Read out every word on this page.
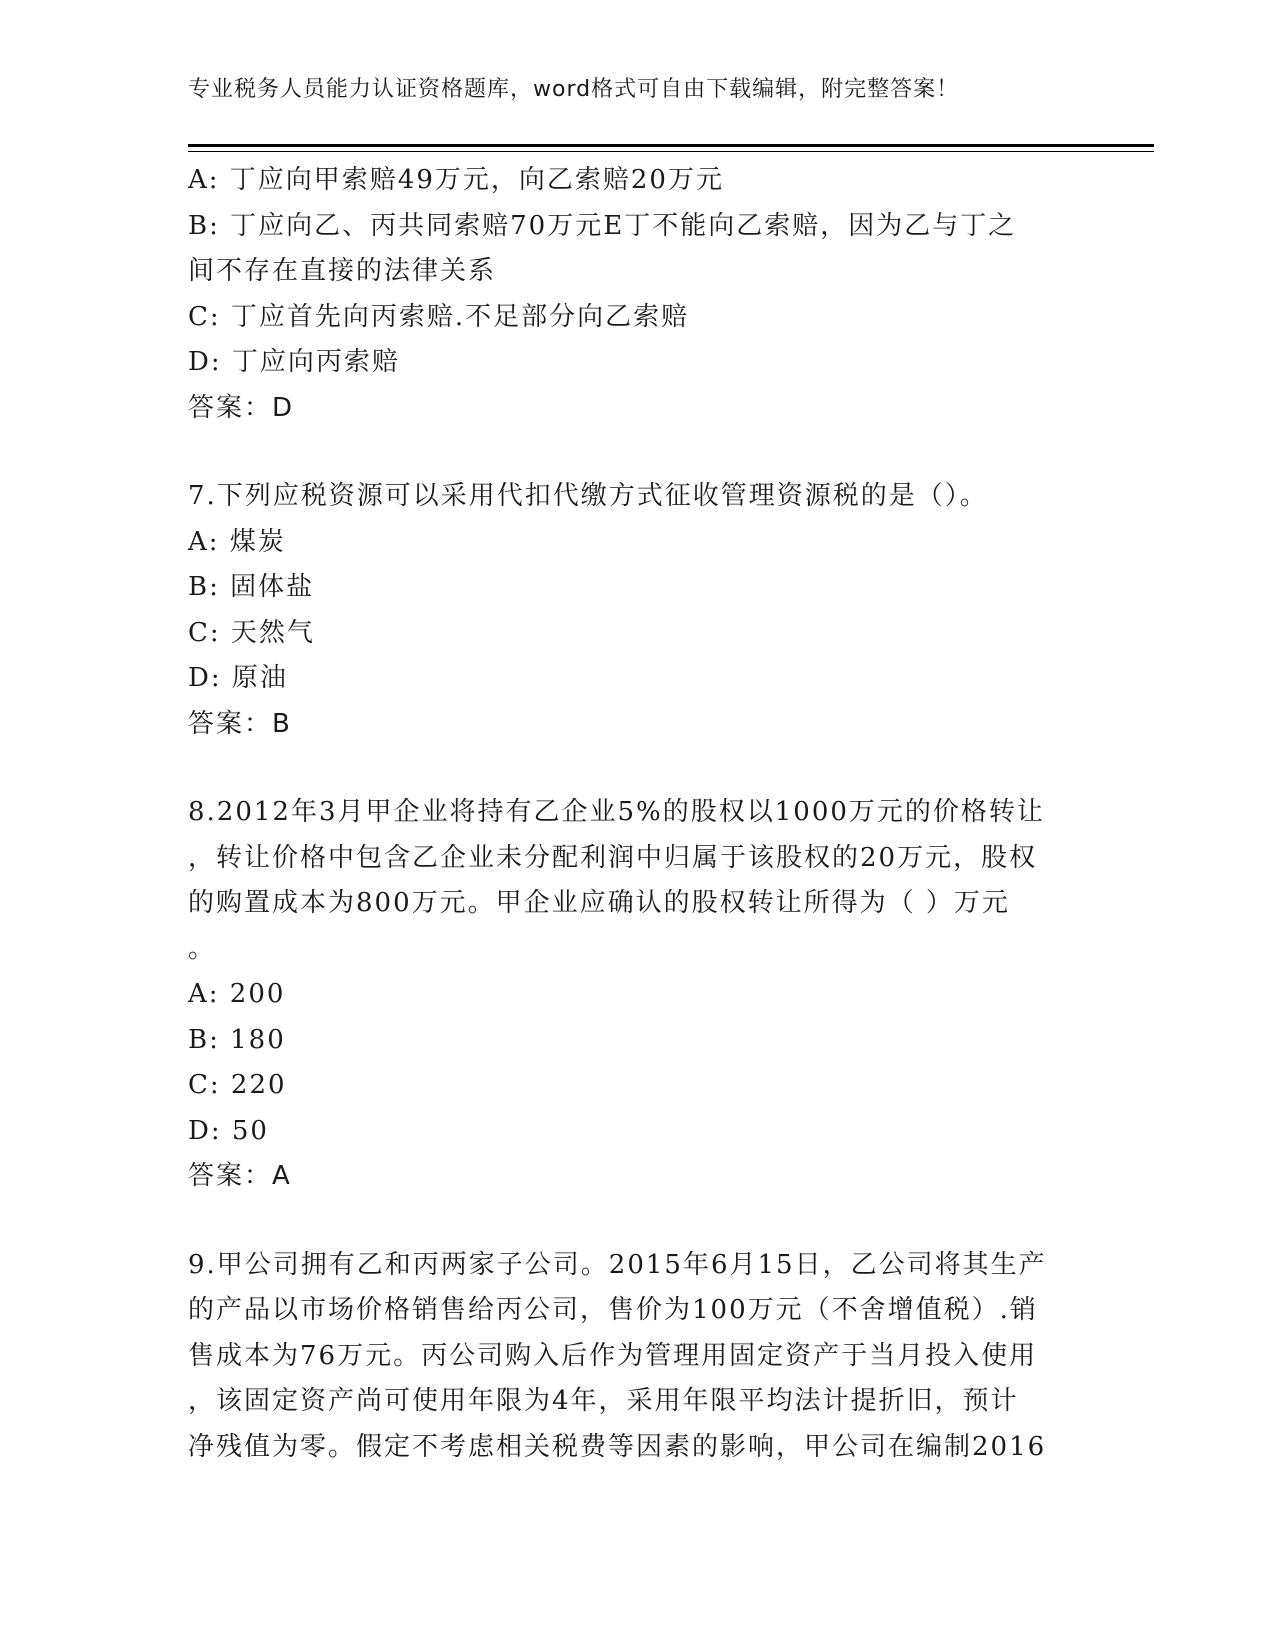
专业税务人员能力认证资格题库，word格式可自由下载编辑，附完整答案！
A: 丁应向甲索赔49万元，向乙索赔20万元
B: 丁应向乙、丙共同索赔70万元E丁不能向乙索赔，因为乙与丁之
间不存在直接的法律关系
C: 丁应首先向丙索赔.不足部分向乙索赔
D: 丁应向丙索赔
答案：D
7.下列应税资源可以采用代扣代缴方式征收管理资源税的是（）。
A: 煤炭
B: 固体盐
C: 天然气
D: 原油
答案：B
8.2012年3月甲企业将持有乙企业5%的股权以1000万元的价格转让
，转让价格中包含乙企业未分配利润中归属于该股权的20万元，股权
的购置成本为800万元。甲企业应确认的股权转让所得为（ ）万元
。
A: 200
B: 180
C: 220
D: 50
答案：A
9.甲公司拥有乙和丙两家子公司。2015年6月15日，乙公司将其生产
的产品以市场价格销售给丙公司，售价为100万元（不舍增值税）.销
售成本为76万元。丙公司购入后作为管理用固定资产于当月投入使用
，该固定资产尚可使用年限为4年，采用年限平均法计提折旧，预计
净残值为零。假定不考虑相关税费等因素的影响，甲公司在编制2016
